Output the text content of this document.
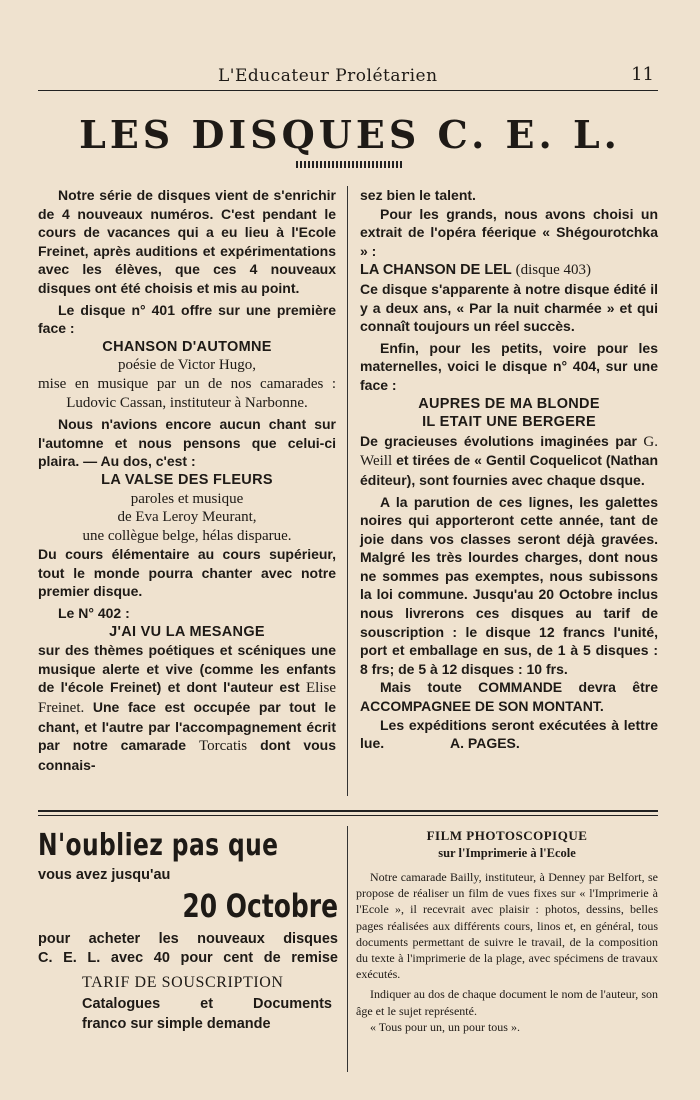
L'Educateur Prolétarien	11
LES DISQUES C. E. L.

Notre série de disques vient de s'enrichir de 4 nouveaux numéros. C'est pendant le cours de vacances qui a eu lieu à l'Ecole Freinet, après auditions et expérimentations avec les élèves, que ces 4 nouveaux disques ont été choisis et mis au point.

Le disque n° 401 offre sur une première face :

CHANSON D'AUTOMNE

poésie de Victor Hugo,

mise en musique par un de nos camarades : Ludovic Cassan, instituteur à Narbonne.

Nous n'avions encore aucun chant sur l'automne et nous pensons que celui-ci plaira. — Au dos, c'est :

LA VALSE DES FLEURS

paroles et musique

de Eva Leroy Meurant,

une collègue belge, hélas disparue.

Du cours élémentaire au cours supérieur, tout le monde pourra chanter avec notre premier disque.

Le N° 402 :

J'AI VU LA MESANGE

sur des thèmes poétiques et scéniques une musique alerte et vive (comme les enfants de l'école Freinet) et dont l'auteur est Elise Freinet. Une face est occupée par tout le chant, et l'autre par l'accompagnement écrit par notre camarade Torcatis dont vous connais-

sez bien le talent.

Pour les grands, nous avons choisi un extrait de l'opéra féerique « Shégourotchka » :

LA CHANSON DE LEL (disque 403)

Ce disque s'apparente à notre disque édité il y a deux ans, « Par la nuit charmée » et qui connaît toujours un réel succès.

Enfin, pour les petits, voire pour les maternelles, voici le disque n° 404, sur une face :

AUPRES DE MA BLONDE

IL ETAIT UNE BERGERE

De gracieuses évolutions imaginées par G. Weill et tirées de « Gentil Coquelicot (Nathan éditeur), sont fournies avec chaque dsque.

A la parution de ces lignes, les galettes noires qui apporteront cette année, tant de joie dans vos classes seront déjà gravées. Malgré les très lourdes charges, dont nous ne sommes pas exemptes, nous subissons la loi commune. Jusqu'au 20 Octobre inclus nous livrerons ces disques au tarif de souscription : le disque 12 francs l'unité, port et emballage en sus, de 1 à 5 disques : 8 frs; de 5 à 12 disques : 10 frs.

Mais toute COMMANDE devra être ACCOMPAGNEE DE SON MONTANT.

Les expéditions seront exécutées à lettre lue.	A. PAGES.

N'oubliez pas que

vous avez jusqu'au

20 Octobre

pour acheter les nouveaux disques

C. E. L. avec 40 pour cent de remise

TARIF DE SOUSCRIPTION

Catalogues et Documents

franco sur simple demande

FILM PHOTOSCOPIQUE

sur l'Imprimerie à l'Ecole

Notre camarade Bailly, instituteur, à Denney par Belfort, se propose de réaliser un film de vues fixes sur « l'Imprimerie à l'Ecole », il recevrait avec plaisir : photos, dessins, belles pages réalisées aux différents cours, linos et, en général, tous documents permettant de suivre le travail, de la composition du texte à l'imprimerie de la plage, avec spécimens de travaux exécutés.

Indiquer au dos de chaque document le nom de l'auteur, son âge et le sujet représenté.

« Tous pour un, un pour tous ».
